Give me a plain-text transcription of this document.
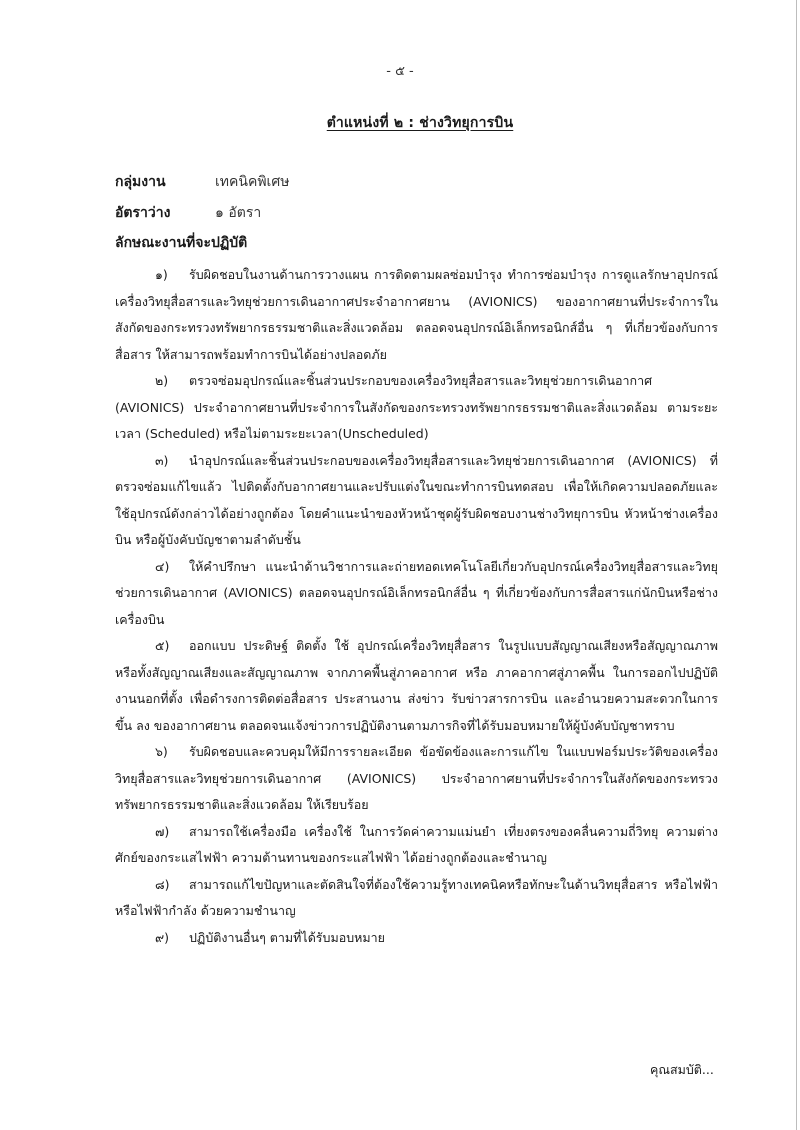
- ๕ -
ตำแหน่งที่ ๒ : ช่างวิทยุการบิน
กลุ่มงาน	เทคนิคพิเศษ
อัตราว่าง	๑ อัตรา
ลักษณะงานที่จะปฏิบัติ

๑) รับผิดชอบในงานด้านการวางแผน การติดตามผลซ่อมบำรุง ทำการซ่อมบำรุง การดูแลรักษาอุปกรณ์เครื่องวิทยุสื่อสารและวิทยุช่วยการเดินอากาศประจำอากาศยาน (AVIONICS) ของอากาศยานที่ประจำการในสังกัดของกระทรวงทรัพยากรธรรมชาติและสิ่งแวดล้อม ตลอดจนอุปกรณ์อิเล็กทรอนิกส์อื่น ๆ ที่เกี่ยวข้องกับการสื่อสาร ให้สามารถพร้อมทำการบินได้อย่างปลอดภัย

๒) ตรวจซ่อมอุปกรณ์และชิ้นส่วนประกอบของเครื่องวิทยุสื่อสารและวิทยุช่วยการเดินอากาศ (AVIONICS) ประจำอากาศยานที่ประจำการในสังกัดของกระทรวงทรัพยากรธรรมชาติและสิ่งแวดล้อม ตามระยะเวลา (Scheduled) หรือไม่ตามระยะเวลา(Unscheduled)

๓) นำอุปกรณ์และชิ้นส่วนประกอบของเครื่องวิทยุสื่อสารและวิทยุช่วยการเดินอากาศ (AVIONICS) ที่ตรวจซ่อมแก้ไขแล้ว ไปติดตั้งกับอากาศยานและปรับแต่งในขณะทำการบินทดสอบ เพื่อให้เกิดความปลอดภัยและใช้อุปกรณ์ดังกล่าวได้อย่างถูกต้อง โดยคำแนะนำของหัวหน้าชุดผู้รับผิดชอบงานช่างวิทยุการบิน หัวหน้าช่างเครื่องบิน หรือผู้บังคับบัญชาตามลำดับชั้น

๔) ให้คำปรึกษา แนะนำด้านวิชาการและถ่ายทอดเทคโนโลยีเกี่ยวกับอุปกรณ์เครื่องวิทยุสื่อสารและวิทยุช่วยการเดินอากาศ (AVIONICS) ตลอดจนอุปกรณ์อิเล็กทรอนิกส์อื่น ๆ ที่เกี่ยวข้องกับการสื่อสารแก่นักบินหรือช่างเครื่องบิน

๕) ออกแบบ ประดิษฐ์ ติดตั้ง ใช้ อุปกรณ์เครื่องวิทยุสื่อสาร ในรูปแบบสัญญาณเสียงหรือสัญญาณภาพ หรือทั้งสัญญาณเสียงและสัญญาณภาพ จากภาคพื้นสู่ภาคอากาศ หรือ ภาคอากาศสู่ภาคพื้น ในการออกไปปฏิบัติงานนอกที่ตั้ง เพื่อดำรงการติดต่อสื่อสาร ประสานงาน ส่งข่าว รับข่าวสารการบิน และอำนวยความสะดวกในการขึ้น ลง ของอากาศยาน ตลอดจนแจ้งข่าวการปฏิบัติงานตามภารกิจที่ได้รับมอบหมายให้ผู้บังคับบัญชาทราบ

๖) รับผิดชอบและควบคุมให้มีการรายละเอียด ข้อขัดข้องและการแก้ไข ในแบบฟอร์มประวัติของเครื่องวิทยุสื่อสารและวิทยุช่วยการเดินอากาศ (AVIONICS) ประจำอากาศยานที่ประจำการในสังกัดของกระทรวงทรัพยากรธรรมชาติและสิ่งแวดล้อม ให้เรียบร้อย

๗) สามารถใช้เครื่องมือ เครื่องใช้ ในการวัดค่าความแม่นยำ เที่ยงตรงของคลื่นความถี่วิทยุ ความต่างศักย์ของกระแสไฟฟ้า ความต้านทานของกระแสไฟฟ้า ได้อย่างถูกต้องและชำนาญ

๘) สามารถแก้ไขปัญหาและตัดสินใจที่ต้องใช้ความรู้ทางเทคนิคหรือทักษะในด้านวิทยุสื่อสาร หรือไฟฟ้า หรือไฟฟ้ากำลัง ด้วยความชำนาญ

๙) ปฏิบัติงานอื่นๆ ตามที่ได้รับมอบหมาย

คุณสมบัติ...
